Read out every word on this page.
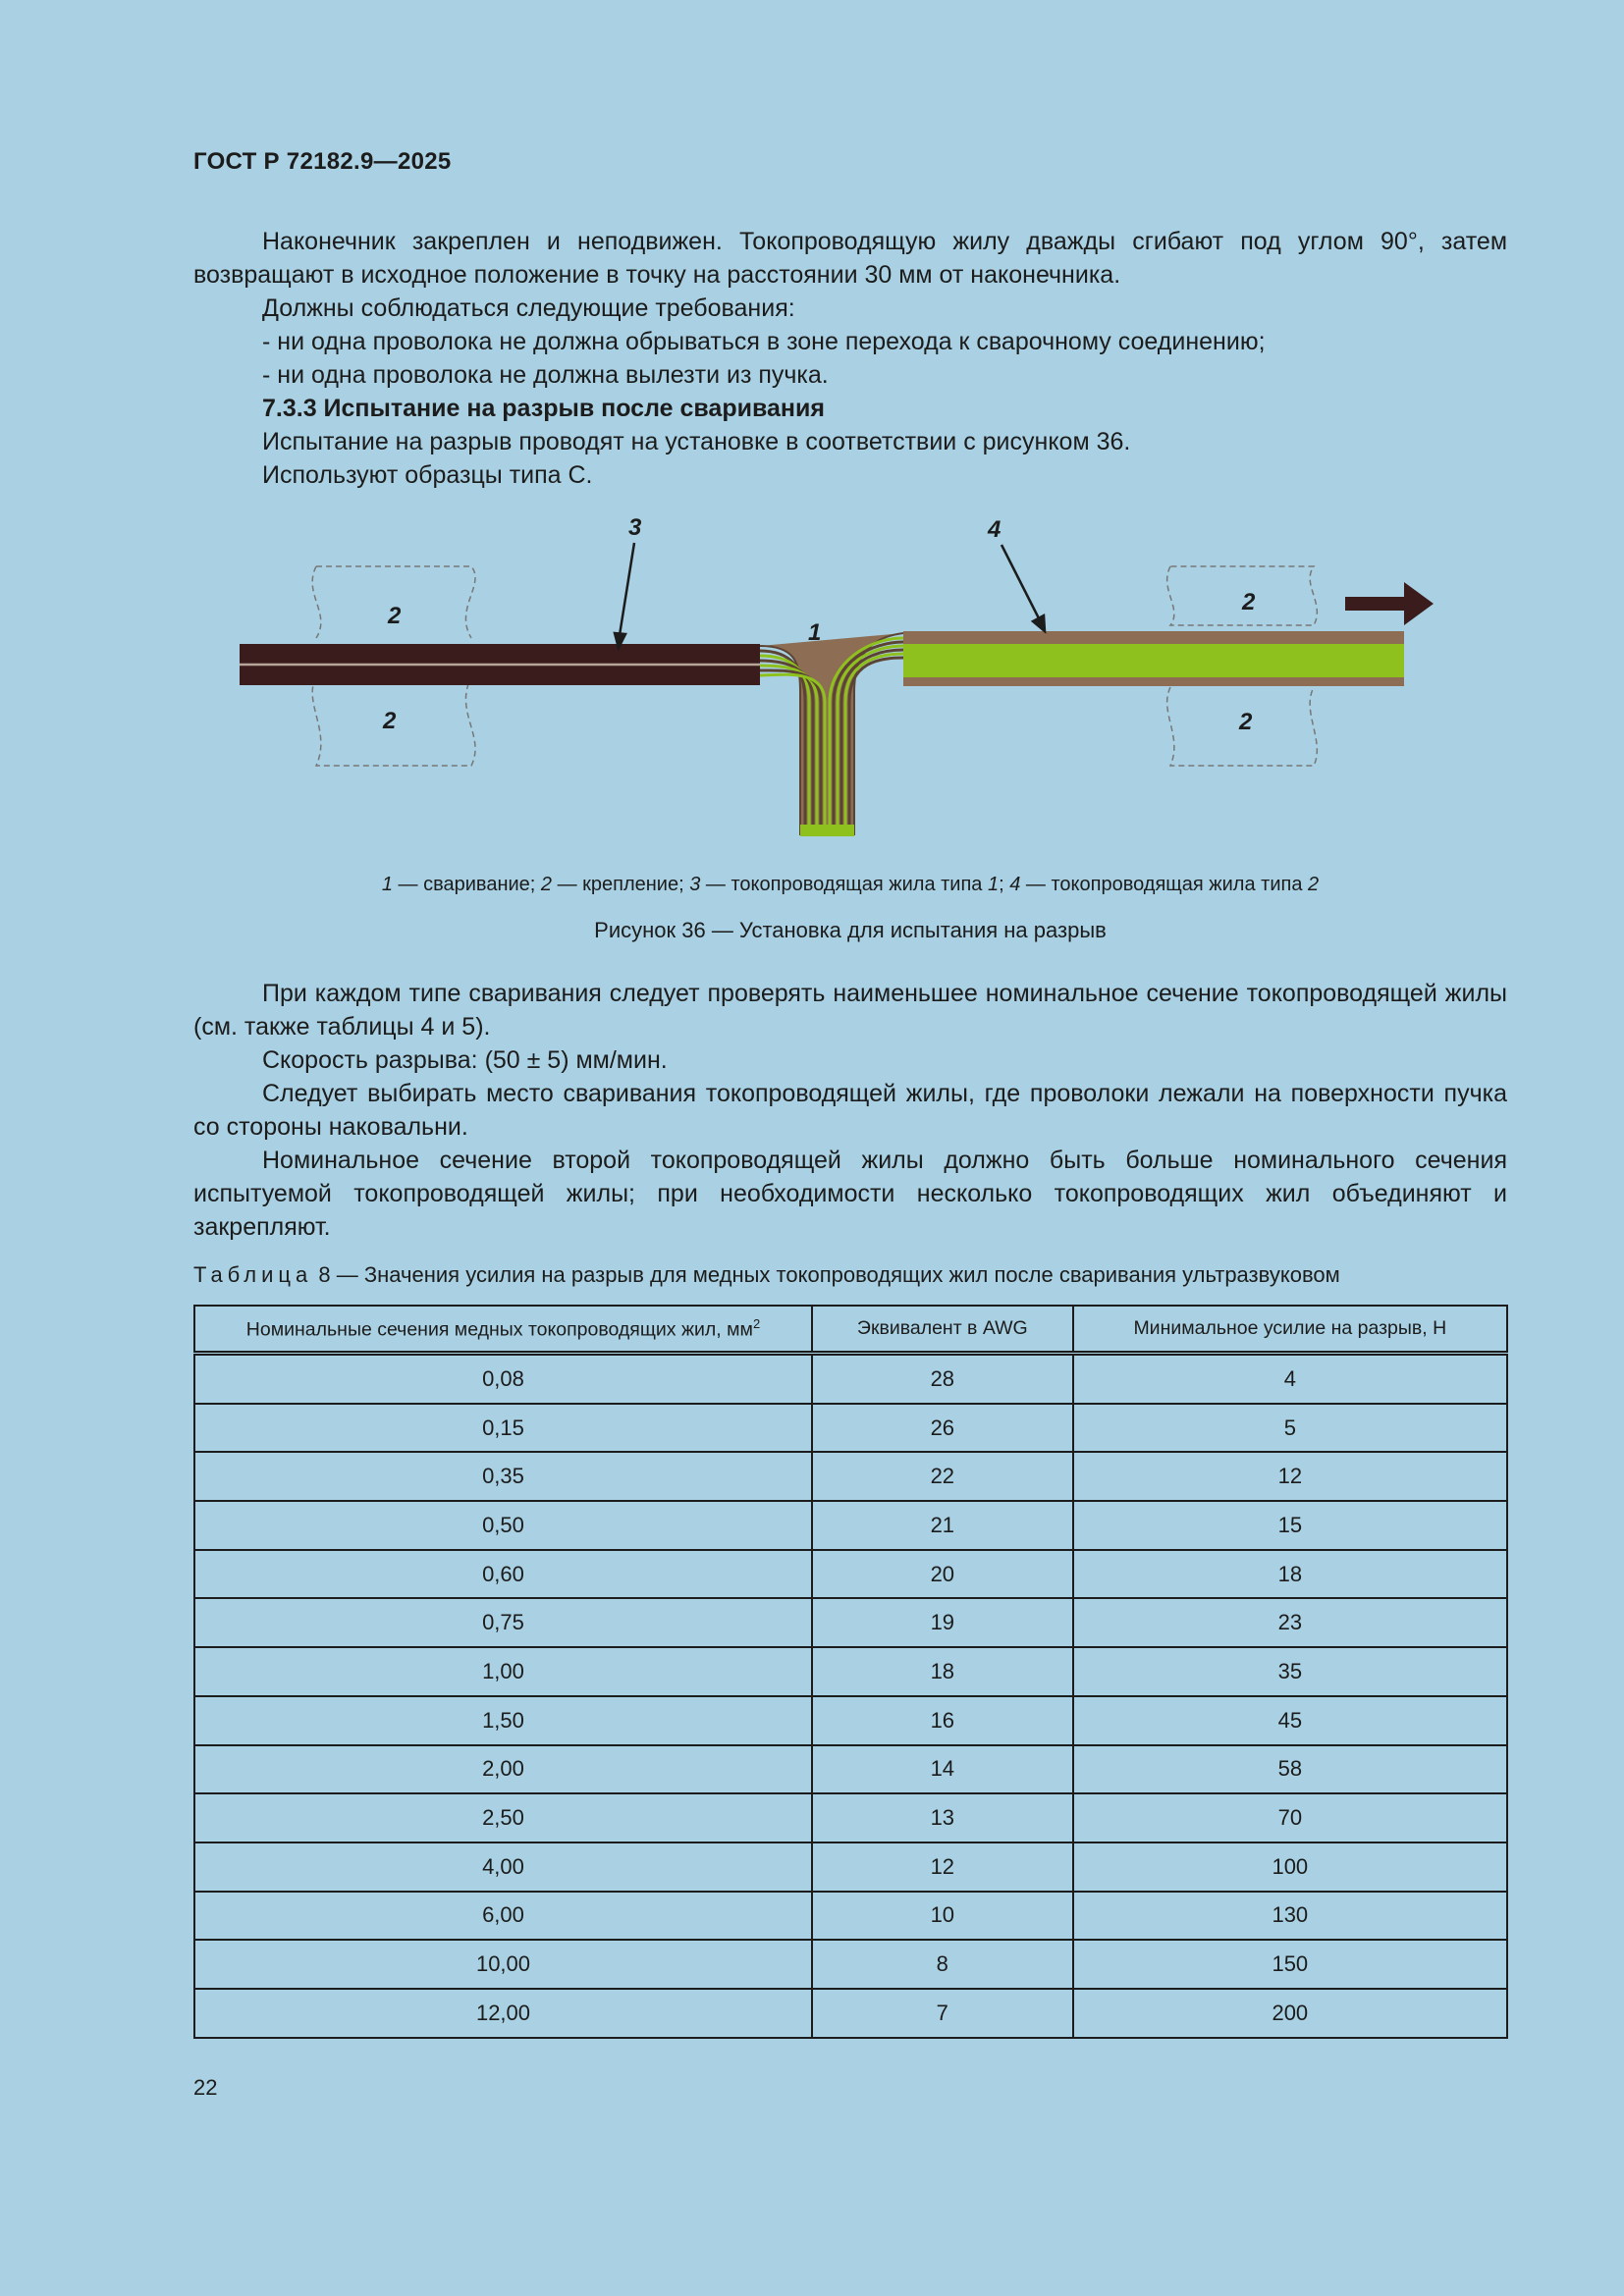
ГОСТ Р 72182.9—2025

Наконечник закреплен и неподвижен. Токопроводящую жилу дважды сгибают под углом 90°, затем возвращают в исходное положение в точку на расстоянии 30 мм от наконечника.

Должны соблюдаться следующие требования:

- ни одна проволока не должна обрываться в зоне перехода к сварочному соединению;

- ни одна проволока не должна вылезти из пучка.

7.3.3 Испытание на разрыв после сваривания

Испытание на разрыв проводят на установке в соответствии с рисунком 36.

Используют образцы типа С.

3	4
1
2
2
2
2
1 — сваривание; 2 — крепление; 3 — токопроводящая жила типа 1; 4 — токопроводящая жила типа 2
Рисунок 36 — Установка для испытания на разрыв

При каждом типе сваривания следует проверять наименьшее номинальное сечение токопроводящей жилы (см. также таблицы 4 и 5).

Скорость разрыва: (50 ± 5) мм/мин.

Следует выбирать место сваривания токопроводящей жилы, где проволоки лежали на поверхности пучка со стороны наковальни.

Номинальное сечение второй токопроводящей жилы должно быть больше номинального сечения испытуемой токопроводящей жилы; при необходимости несколько токопроводящих жил объединяют и закрепляют.

Таблица 8 — Значения усилия на разрыв для медных токопроводящих жил после сваривания ультразвуковом
Номинальные сечения медных токопроводящих жил, $мм^2$	Эквивалент в AWG	Минимальное усилие на разрыв, Н
0,08	28	4
0,15	26	5
0,35	22	12
0,50	21	15
0,60	20	18
0,75	19	23
1,00	18	35
1,50	16	45
2,00	14	58
2,50	13	70
4,00	12	100
6,00	10	130
10,00	8	150
12,00	7	200
22
